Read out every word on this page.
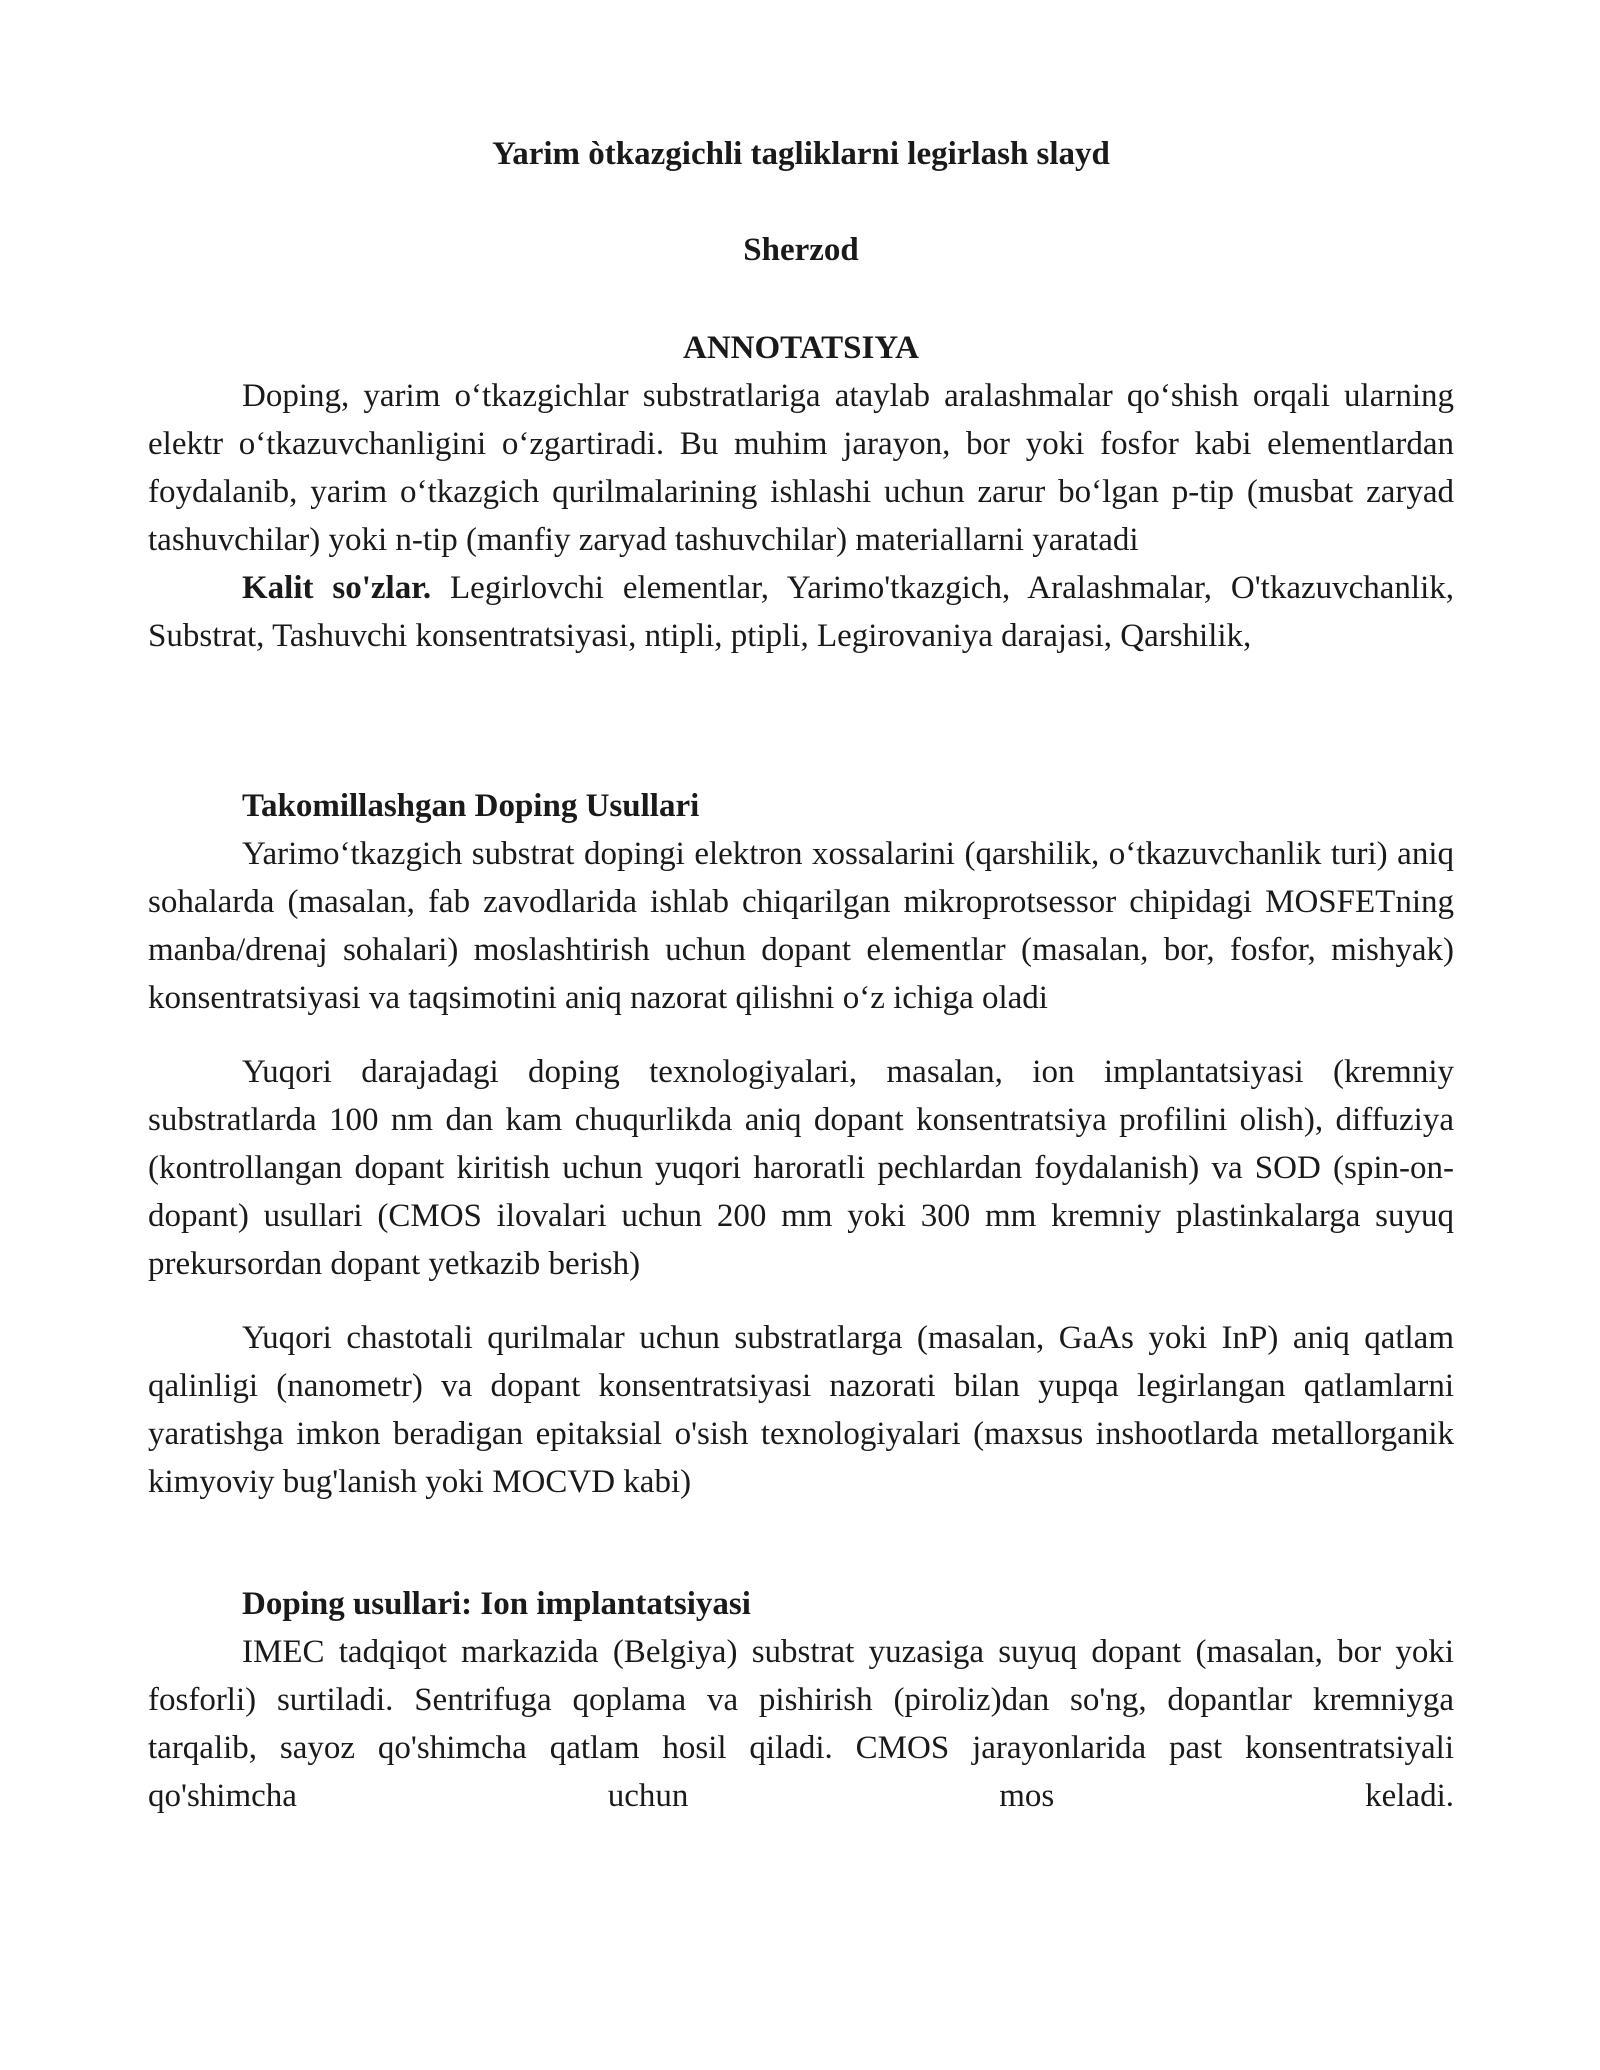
Yarim òtkazgichli tagliklarni legirlash slayd

Sherzod

ANNOTATSIYA

Doping, yarim o‘tkazgichlar substratlariga ataylab aralashmalar qo‘shish orqali ularning elektr o‘tkazuvchanligini o‘zgartiradi. Bu muhim jarayon, bor yoki fosfor kabi elementlardan foydalanib, yarim o‘tkazgich qurilmalarining ishlashi uchun zarur bo‘lgan p-tip (musbat zaryad tashuvchilar) yoki n-tip (manfiy zaryad tashuvchilar) materiallarni yaratadi

Kalit so'zlar. Legirlovchi elementlar, Yarimo'tkazgich, Aralashmalar, O'tkazuvchanlik, Substrat, Tashuvchi konsentratsiyasi, ntipli, ptipli, Legirovaniya darajasi, Qarshilik,

Takomillashgan Doping Usullari

Yarimo‘tkazgich substrat dopingi elektron xossalarini (qarshilik, o‘tkazuvchanlik turi) aniq sohalarda (masalan, fab zavodlarida ishlab chiqarilgan mikroprotsessor chipidagi MOSFETning manba/drenaj sohalari) moslashtirish uchun dopant elementlar (masalan, bor, fosfor, mishyak) konsentratsiyasi va taqsimotini aniq nazorat qilishni o‘z ichiga oladi

Yuqori darajadagi doping texnologiyalari, masalan, ion implantatsiyasi (kremniy substratlarda 100 nm dan kam chuqurlikda aniq dopant konsentratsiya profilini olish), diffuziya (kontrollangan dopant kiritish uchun yuqori haroratli pechlardan foydalanish) va SOD (spin-on-dopant) usullari (CMOS ilovalari uchun 200 mm yoki 300 mm kremniy plastinkalarga suyuq prekursordan dopant yetkazib berish)

Yuqori chastotali qurilmalar uchun substratlarga (masalan, GaAs yoki InP) aniq qatlam qalinligi (nanometr) va dopant konsentratsiyasi nazorati bilan yupqa legirlangan qatlamlarni yaratishga imkon beradigan epitaksial o'sish texnologiyalari (maxsus inshootlarda metallorganik kimyoviy bug'lanish yoki MOCVD kabi)

Doping usullari: Ion implantatsiyasi

IMEC tadqiqot markazida (Belgiya) substrat yuzasiga suyuq dopant (masalan, bor yoki fosforli) surtiladi. Sentrifuga qoplama va pishirish (piroliz)dan so'ng, dopantlar kremniyga tarqalib, sayoz qo'shimcha qatlam hosil qiladi. CMOS jarayonlarida past konsentratsiyali qo'shimcha uchun mos keladi.
